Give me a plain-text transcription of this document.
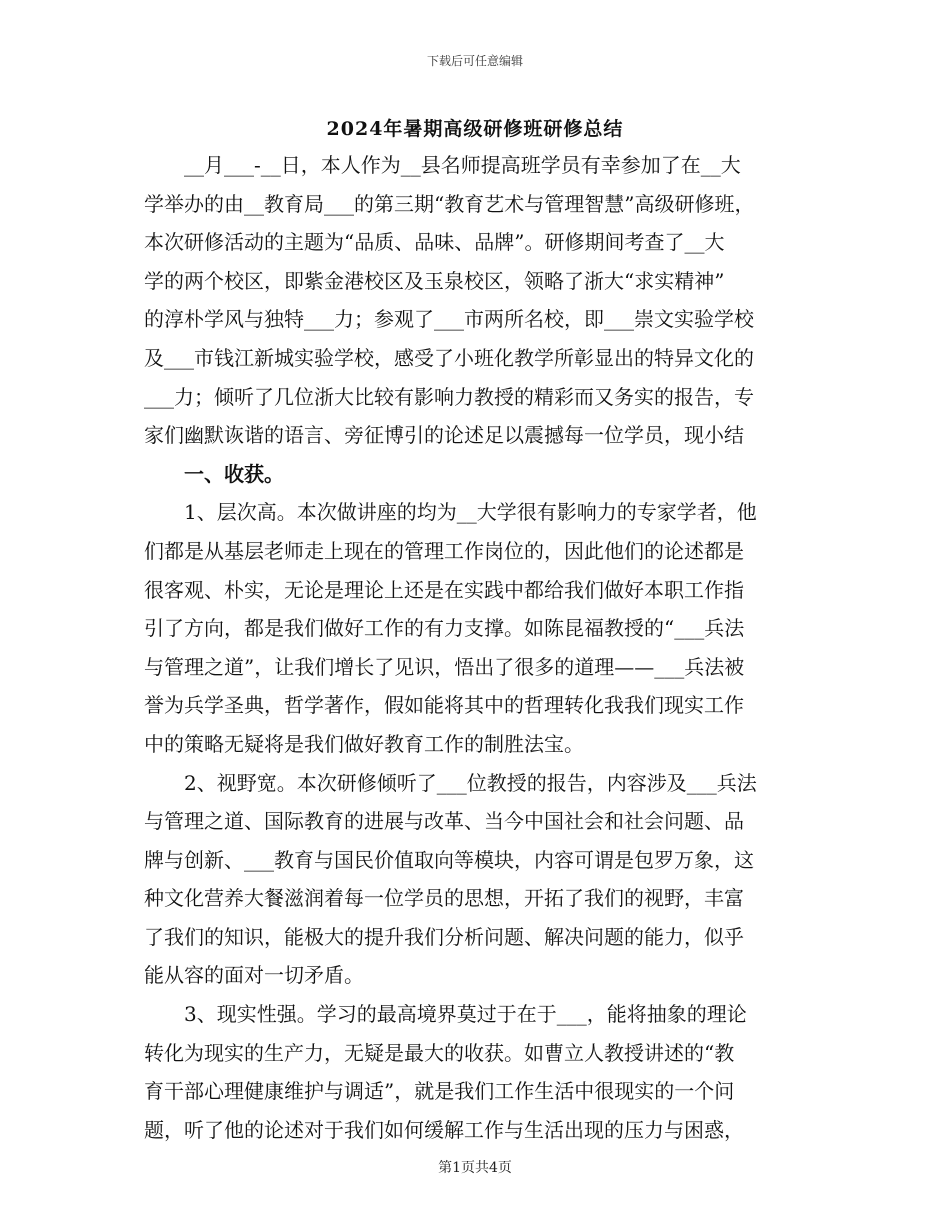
下载后可任意编辑
2024年暑期高级研修班研修总结
__月___-__日，本人作为__县名师提高班学员有幸参加了在__大
学举办的由__教育局___的第三期“教育艺术与管理智慧”高级研修班，
本次研修活动的主题为“品质、品味、品牌”。研修期间考查了__大
学的两个校区，即紫金港校区及玉泉校区，领略了浙大“求实精神”
的淳朴学风与独特___力；参观了___市两所名校，即___崇文实验学校
及___市钱江新城实验学校，感受了小班化教学所彰显出的特异文化的
___力；倾听了几位浙大比较有影响力教授的精彩而又务实的报告，专
家们幽默诙谐的语言、旁征博引的论述足以震撼每一位学员，现小结
一、收获。
1、层次高。本次做讲座的均为__大学很有影响力的专家学者，他
们都是从基层老师走上现在的管理工作岗位的，因此他们的论述都是
很客观、朴实，无论是理论上还是在实践中都给我们做好本职工作指
引了方向，都是我们做好工作的有力支撑。如陈昆福教授的“___兵法
与管理之道”，让我们增长了见识，悟出了很多的道理——___兵法被
誉为兵学圣典，哲学著作，假如能将其中的哲理转化我我们现实工作
中的策略无疑将是我们做好教育工作的制胜法宝。
2、视野宽。本次研修倾听了___位教授的报告，内容涉及___兵法
与管理之道、国际教育的进展与改革、当今中国社会和社会问题、品
牌与创新、___教育与国民价值取向等模块，内容可谓是包罗万象，这
种文化营养大餐滋润着每一位学员的思想，开拓了我们的视野，丰富
了我们的知识，能极大的提升我们分析问题、解决问题的能力，似乎
能从容的面对一切矛盾。
3、现实性强。学习的最高境界莫过于在于___，能将抽象的理论
转化为现实的生产力，无疑是最大的收获。如曹立人教授讲述的“教
育干部心理健康维护与调适”，就是我们工作生活中很现实的一个问
题，听了他的论述对于我们如何缓解工作与生活出现的压力与困惑，
第1页共4页
